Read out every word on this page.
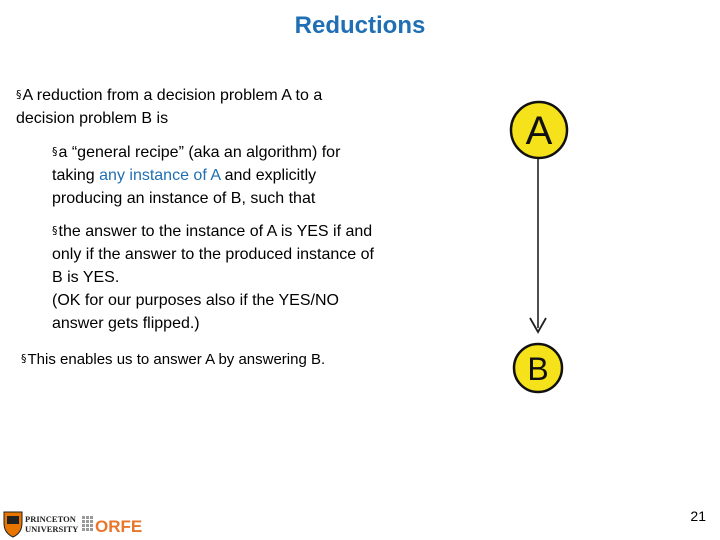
Reductions
§A reduction from a decision problem A to a decision problem B is
§a “general recipe” (aka an algorithm) for taking any instance of A and explicitly producing an instance of B, such that
§the answer to the instance of A is YES if and only if the answer to the produced instance of B is YES.
(OK for our purposes also if the YES/NO answer gets flipped.)
§This enables us to answer A by answering B.
A
B
PRINCETON
UNIVERSITY ORFE
21
